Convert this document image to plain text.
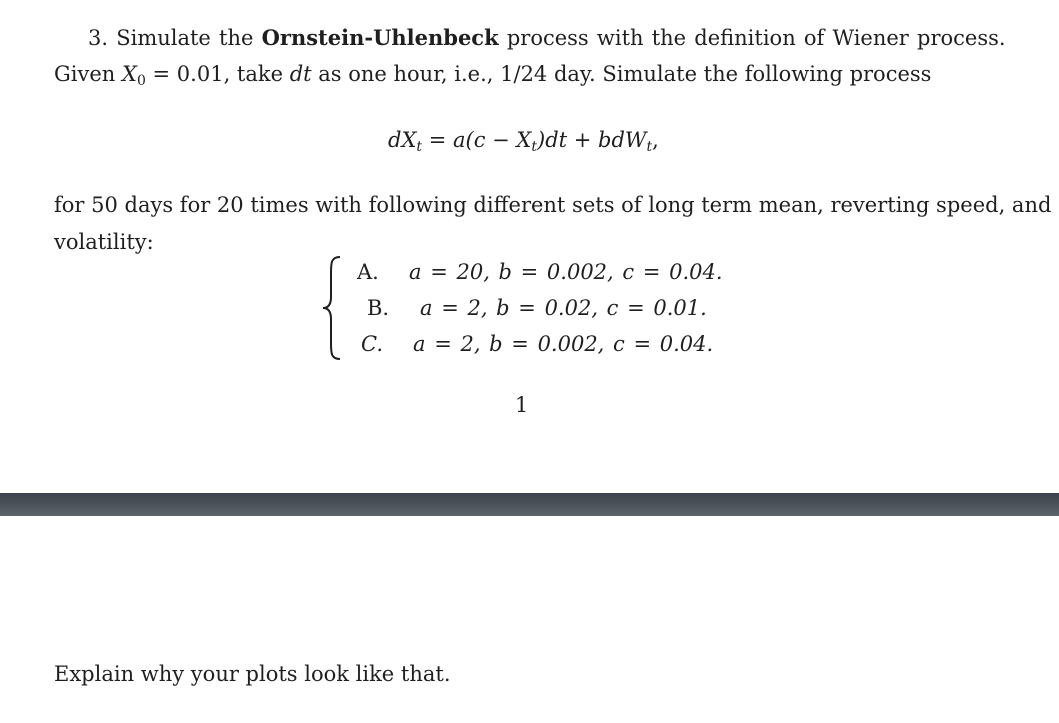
3. Simulate the Ornstein-Uhlenbeck process with the definition of Wiener process.
Given $X_0 = 0.01$, take dt as one hour, i.e., 1/24 day. Simulate the following process
$dX_t = a(c - X_t)dt + bdW_t$,
for 50 days for 20 times with following different sets of long term mean, reverting speed, and
volatility:
A. a = 20, b = 0.002, c = 0.04.
B. a = 2, b = 0.02, c = 0.01.
C. a = 2, b = 0.002, c = 0.04.
1
Explain why your plots look like that.
